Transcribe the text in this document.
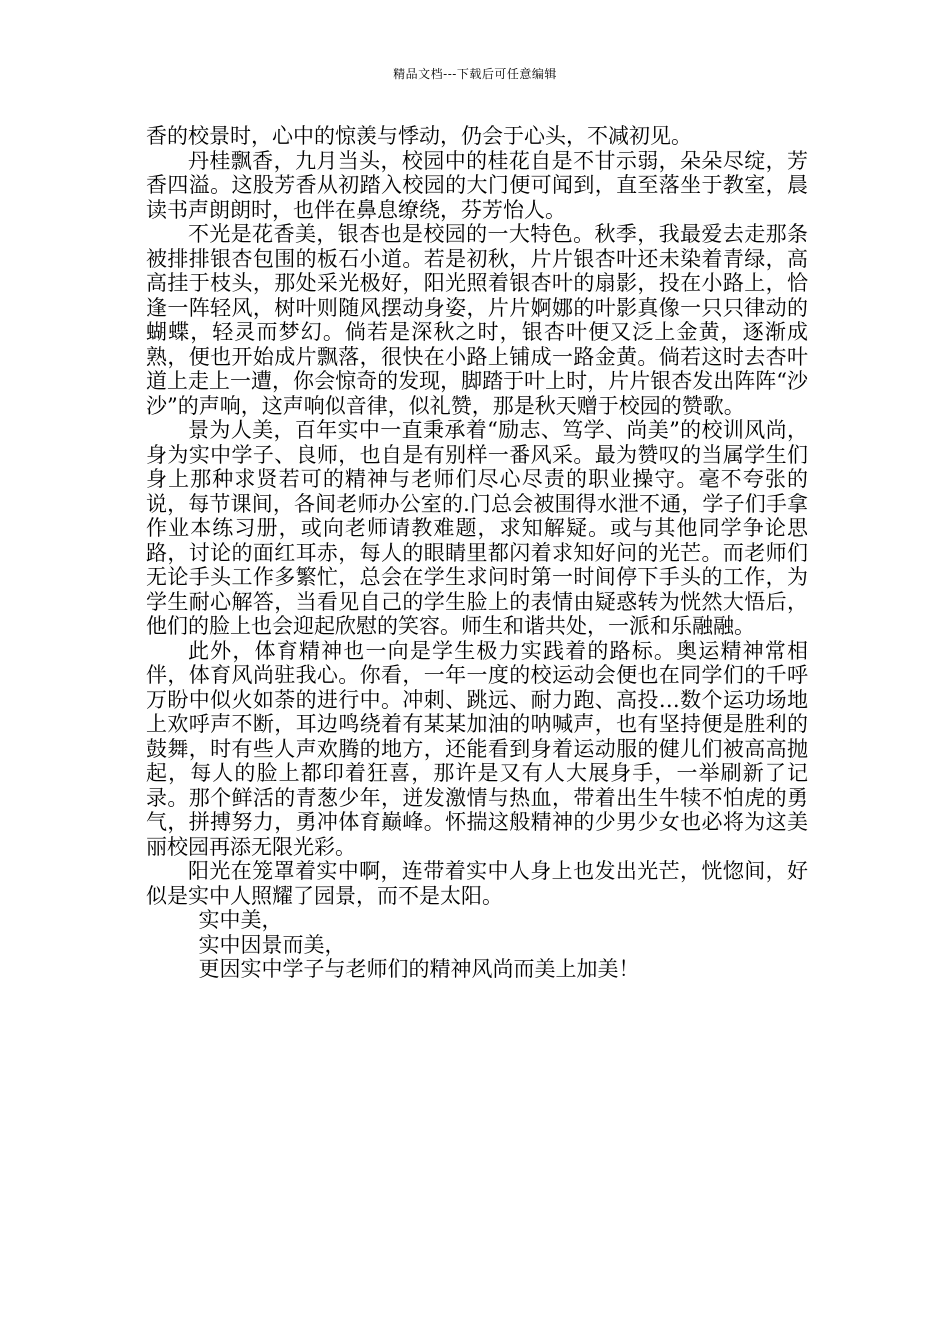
精品文档---下载后可任意编辑

香的校景时，心中的惊羡与悸动，仍会于心头，不减初见。

丹桂飘香，九月当头，校园中的桂花自是不甘示弱，朵朵尽绽，芳香四溢。这股芳香从初踏入校园的大门便可闻到，直至落坐于教室，晨读书声朗朗时，也伴在鼻息缭绕，芬芳怡人。

不光是花香美，银杏也是校园的一大特色。秋季，我最爱去走那条被排排银杏包围的板石小道。若是初秋，片片银杏叶还未染着青绿，高高挂于枝头，那处采光极好，阳光照着银杏叶的扇影，投在小路上，恰逢一阵轻风，树叶则随风摆动身姿，片片婀娜的叶影真像一只只律动的蝴蝶，轻灵而梦幻。倘若是深秋之时，银杏叶便又泛上金黄，逐渐成熟，便也开始成片飘落，很快在小路上铺成一路金黄。倘若这时去杏叶道上走上一遭，你会惊奇的发现，脚踏于叶上时，片片银杏发出阵阵“沙沙”的声响，这声响似音律，似礼赞，那是秋天赠于校园的赞歌。

景为人美，百年实中一直秉承着“励志、笃学、尚美”的校训风尚，身为实中学子、良师，也自是有别样一番风采。最为赞叹的当属学生们身上那种求贤若可的精神与老师们尽心尽责的职业操守。毫不夸张的说，每节课间，各间老师办公室的.门总会被围得水泄不通，学子们手拿作业本练习册，或向老师请教难题，求知解疑。或与其他同学争论思路，讨论的面红耳赤，每人的眼睛里都闪着求知好问的光芒。而老师们无论手头工作多繁忙，总会在学生求问时第一时间停下手头的工作，为学生耐心解答，当看见自己的学生脸上的表情由疑惑转为恍然大悟后，他们的脸上也会迎起欣慰的笑容。师生和谐共处，一派和乐融融。

此外，体育精神也一向是学生极力实践着的路标。奥运精神常相伴，体育风尚驻我心。你看，一年一度的校运动会便也在同学们的千呼万盼中似火如荼的进行中。冲刺、跳远、耐力跑、高投…数个运功场地上欢呼声不断，耳边鸣绕着有某某加油的呐喊声，也有坚持便是胜利的鼓舞，时有些人声欢腾的地方，还能看到身着运动服的健儿们被高高抛起，每人的脸上都印着狂喜，那许是又有人大展身手，一举刷新了记录。那个鲜活的青葱少年，迸发激情与热血，带着出生牛犊不怕虎的勇气，拼搏努力，勇冲体育巅峰。怀揣这般精神的少男少女也必将为这美丽校园再添无限光彩。

阳光在笼罩着实中啊，连带着实中人身上也发出光芒，恍惚间，好似是实中人照耀了园景，而不是太阳。

实中美，

实中因景而美，

更因实中学子与老师们的精神风尚而美上加美！
